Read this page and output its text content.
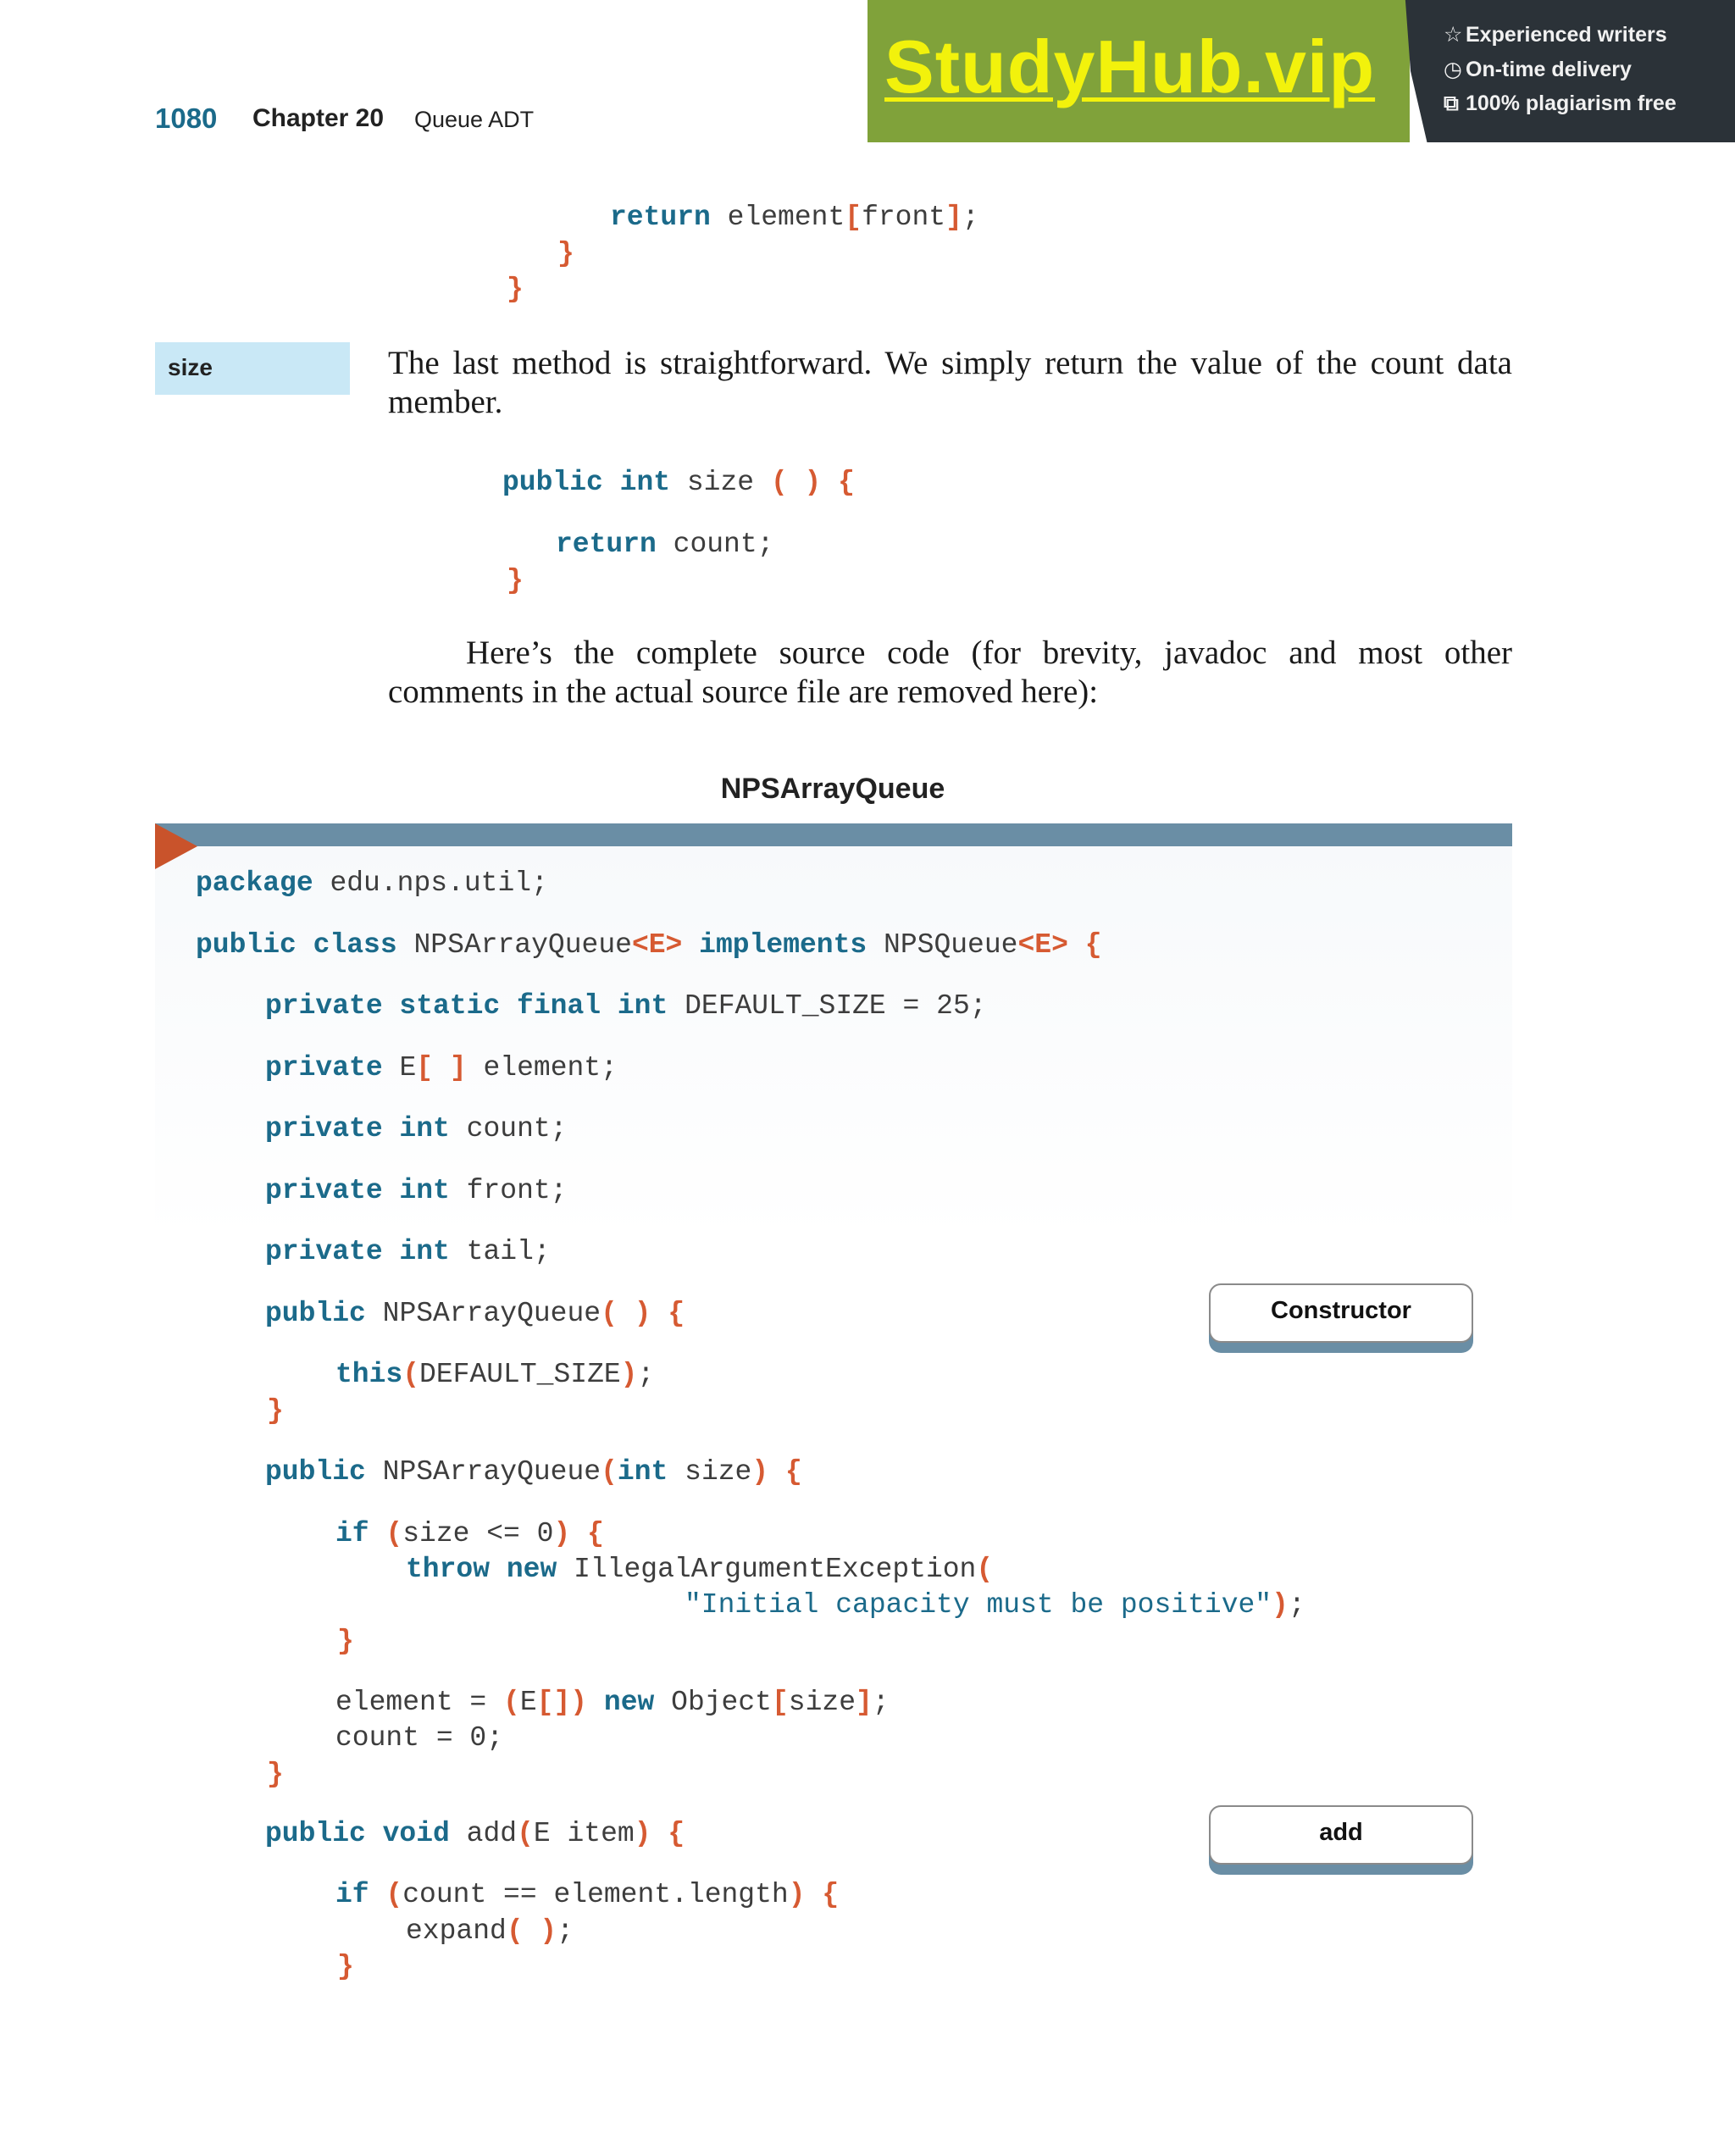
1080 Chapter 20 Queue ADT
StudyHub.vip	☆ Experienced writers
◷ On-time delivery
⧉ 100% plagiarism free
return element[front];
}
}
size	The last method is straightforward. We simply return the value of the count data member.
public int size ( ) {
return count;
}
Here’s the complete source code (for brevity, javadoc and most other comments in the actual source file are removed here):
NPSArrayQueue
package edu.nps.util;
public class NPSArrayQueue<E> implements NPSQueue<E> {
private static final int DEFAULT_SIZE = 25;
private E[ ] element;
private int count;
private int front;
private int tail;
public NPSArrayQueue( ) {
this(DEFAULT_SIZE);
}
public NPSArrayQueue(int size) {
if (size <= 0) {
throw new IllegalArgumentException(
"Initial capacity must be positive");
}
element = (E[]) new Object[size];
count = 0;
}
public void add(E item) {
if (count == element.length) {
expand( );
}
Constructor
add
